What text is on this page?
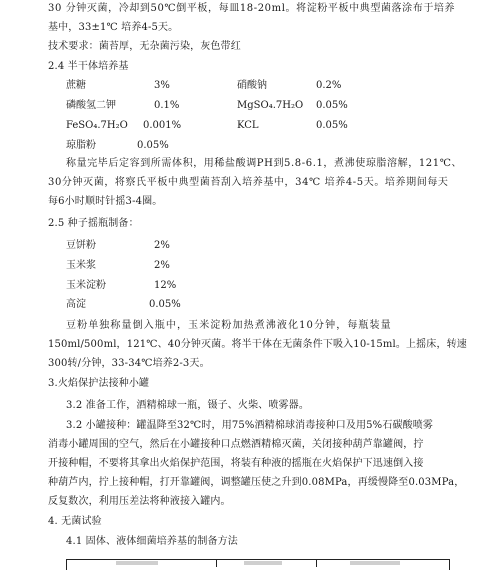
30 分钟灭菌，冷却到50℃倒平板，每皿18-20ml。将淀粉平板中典型菌落涂布于培养
基中，33±1℃ 培养4-5天。
技术要求：菌苔厚，无杂菌污染，灰色带红
2.4 半干体培养基
蔗糖	3%	硝酸钠	0.2%
磷酸氢二钾	0.1%	MgSO₄.7H₂O 0.05%
FeSO₄.7H₂O 0.001%	KCL	0.05%
琼脂粉	0.05%
称量完毕后定容到所需体积，用稀盐酸调PH到5.8-6.1，煮沸使琼脂溶解，121℃、
30分钟灭菌，将察氏平板中典型菌苔刮入培养基中，34℃ 培养4-5天。培养期间每天
每6小时顺时针摇3-4圈。
2.5 种子摇瓶制备：
豆饼粉	2%
玉米浆	2%
玉米淀粉	12%
高淀	0.05%
豆粉单独称量倒入瓶中，玉米淀粉加热煮沸液化10分钟，每瓶装量
150ml/500ml，121℃、40分钟灭菌。将半干体在无菌条件下吸入10-15ml。上摇床，转速
300转/分钟，33-34℃培养2-3天。
3.火焰保护法接种小罐
3.2 准备工作，酒精棉球一瓶，镊子、火柴、喷雾器。
3.2 小罐接种：罐温降至32℃时，用75%酒精棉球消毒接种口及用5%石碳酸喷雾
消毒小罐周围的空气，然后在小罐接种口点燃酒精棉灭菌，关闭接种葫芦靠罐阀，拧
开接种帽，不要将其拿出火焰保护范围，将装有种液的摇瓶在火焰保护下迅速倒入接
种葫芦内，拧上接种帽，打开靠罐阀，调整罐压使之升到0.08MPa，再缓慢降至0.03MPa，
反复数次，利用压差法将种液接入罐内。
4. 无菌试验
4.1 固体、液体细菌培养基的制备方法
